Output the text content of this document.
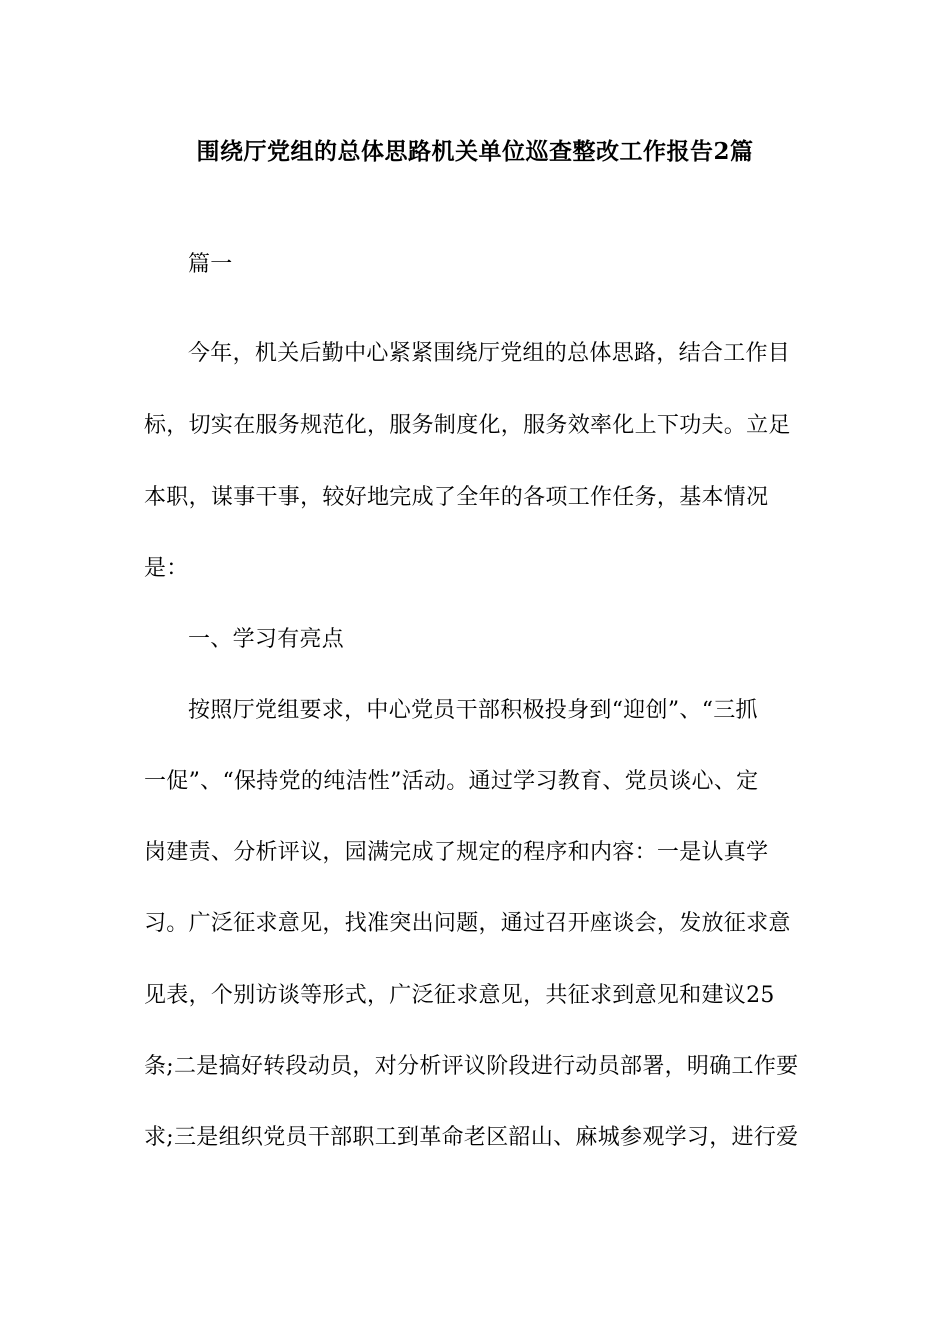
围绕厅党组的总体思路机关单位巡查整改工作报告2篇
篇一
今年，机关后勤中心紧紧围绕厅党组的总体思路，结合工作目
标，切实在服务规范化，服务制度化，服务效率化上下功夫。立足
本职，谋事干事，较好地完成了全年的各项工作任务，基本情况
是：
一、学习有亮点
按照厅党组要求，中心党员干部积极投身到“迎创”、“三抓
一促”、“保持党的纯洁性”活动。通过学习教育、党员谈心、定
岗建责、分析评议，园满完成了规定的程序和内容：一是认真学
习。广泛征求意见，找准突出问题，通过召开座谈会，发放征求意
见表，个别访谈等形式，广泛征求意见，共征求到意见和建议25
条;二是搞好转段动员，对分析评议阶段进行动员部署，明确工作要
求;三是组织党员干部职工到革命老区韶山、麻城参观学习，进行爱
